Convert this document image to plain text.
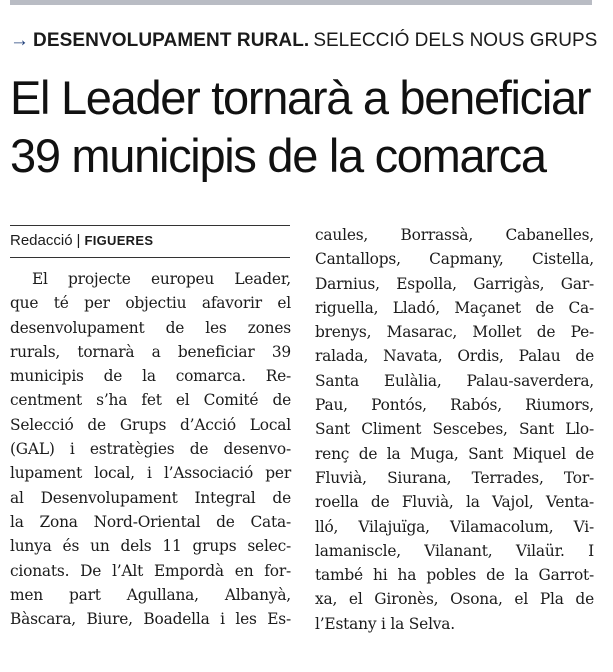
→ DESENVOLUPAMENT RURAL. SELECCIÓ DELS NOUS GRUPS
El Leader tornarà a beneficiar 39 municipis de la comarca
Redacció | FIGUERES
El projecte europeu Leader,
que té per objectiu afavorir el
desenvolupament de les zones
rurals, tornarà a beneficiar 39
municipis de la comarca. Re-
centment s’ha fet el Comité de
Selecció de Grups d’Acció Local
(GAL) i estratègies de desenvo-
lupament local, i l’Associació per
al Desenvolupament Integral de
la Zona Nord-Oriental de Cata-
lunya és un dels 11 grups selec-
cionats. De l’Alt Empordà en for-
men part Agullana, Albanyà,
Bàscara, Biure, Boadella i les Es-
caules, Borrassà, Cabanelles,
Cantallops, Capmany, Cistella,
Darnius, Espolla, Garrigàs, Gar-
riguella, Lladó, Maçanet de Ca-
brenys, Masarac, Mollet de Pe-
ralada, Navata, Ordis, Palau de
Santa Eulàlia, Palau-saverdera,
Pau, Pontós, Rabós, Riumors,
Sant Climent Sescebes, Sant Llo-
renç de la Muga, Sant Miquel de
Fluvià, Siurana, Terrades, Tor-
roella de Fluvià, la Vajol, Venta-
lló, Vilajuïga, Vilamacolum, Vi-
lamaniscle, Vilanant, Vilaür. I
també hi ha pobles de la Garrot-
xa, el Gironès, Osona, el Pla de
l’Estany i la Selva.
